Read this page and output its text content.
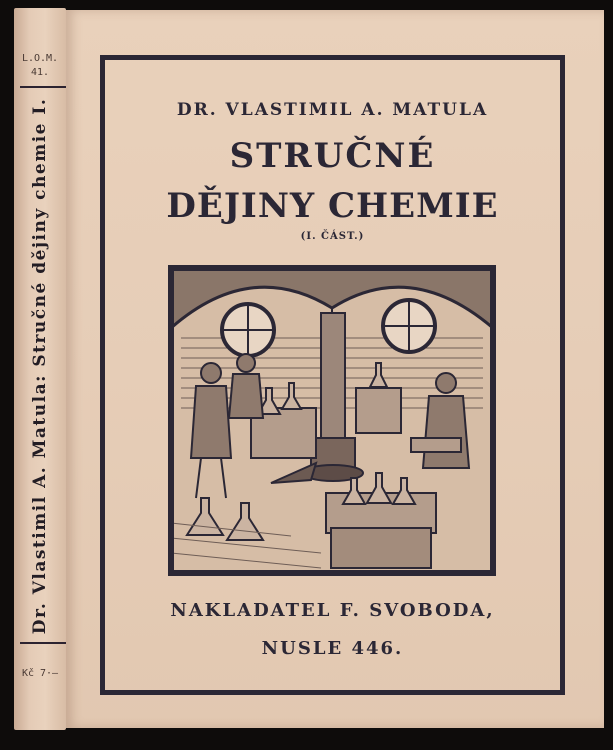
L.O.M.
41.
Dr. Vlastimil A. Matula: Stručné dějiny chemie I.
Kč 7·—
DR. VLASTIMIL A. MATULA
STRUČNÉ
DĚJINY CHEMIE
(I. ČÁST.)
NAKLADATEL F. SVOBODA,
NUSLE 446.
